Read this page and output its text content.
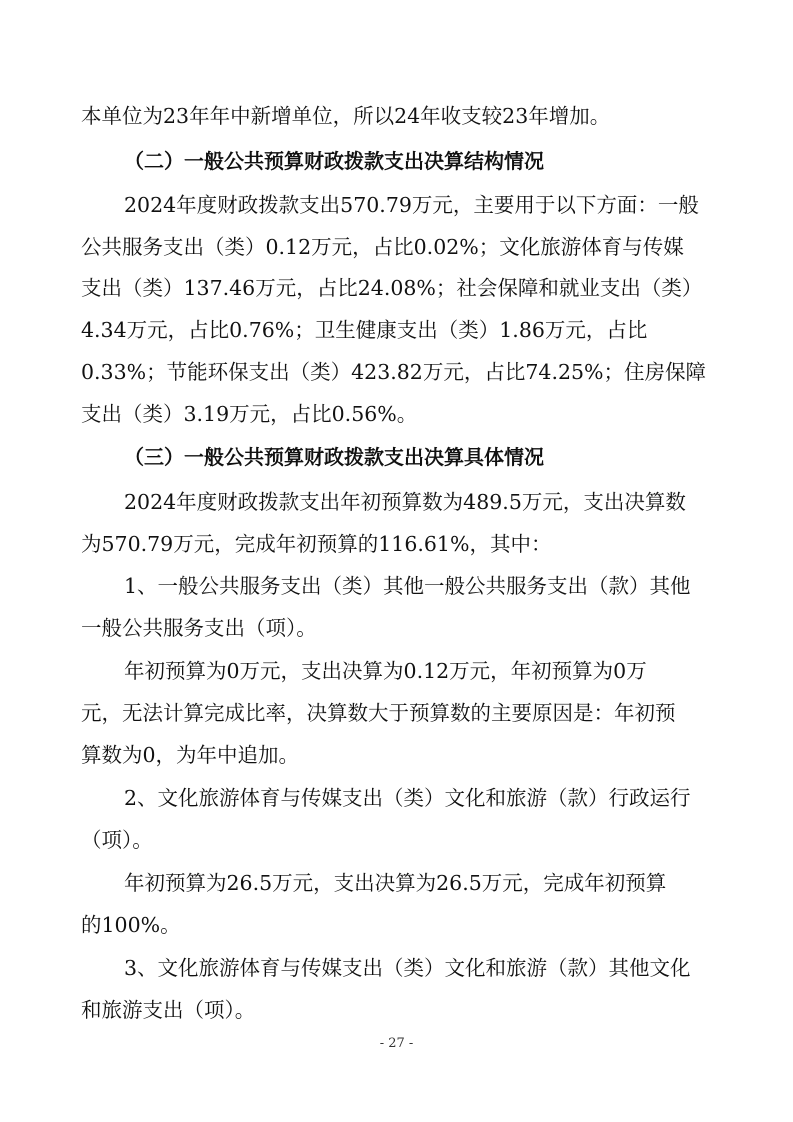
本单位为23年年中新增单位，所以24年收支较23年增加。
（二）一般公共预算财政拨款支出决算结构情况
2024年度财政拨款支出570.79万元，主要用于以下方面：一般
公共服务支出（类）0.12万元，占比0.02%；文化旅游体育与传媒
支出（类）137.46万元，占比24.08%；社会保障和就业支出（类）
4.34万元，占比0.76%；卫生健康支出（类）1.86万元，占比
0.33%；节能环保支出（类）423.82万元，占比74.25%；住房保障
支出（类）3.19万元，占比0.56%。
（三）一般公共预算财政拨款支出决算具体情况
2024年度财政拨款支出年初预算数为489.5万元，支出决算数
为570.79万元，完成年初预算的116.61%，其中：
1、一般公共服务支出（类）其他一般公共服务支出（款）其他
一般公共服务支出（项）。
年初预算为0万元，支出决算为0.12万元，年初预算为0万
元，无法计算完成比率，决算数大于预算数的主要原因是：年初预
算数为0，为年中追加。
2、文化旅游体育与传媒支出（类）文化和旅游（款）行政运行
（项）。
年初预算为26.5万元，支出决算为26.5万元，完成年初预算
的100%。
3、文化旅游体育与传媒支出（类）文化和旅游（款）其他文化
和旅游支出（项）。
- 27 -
